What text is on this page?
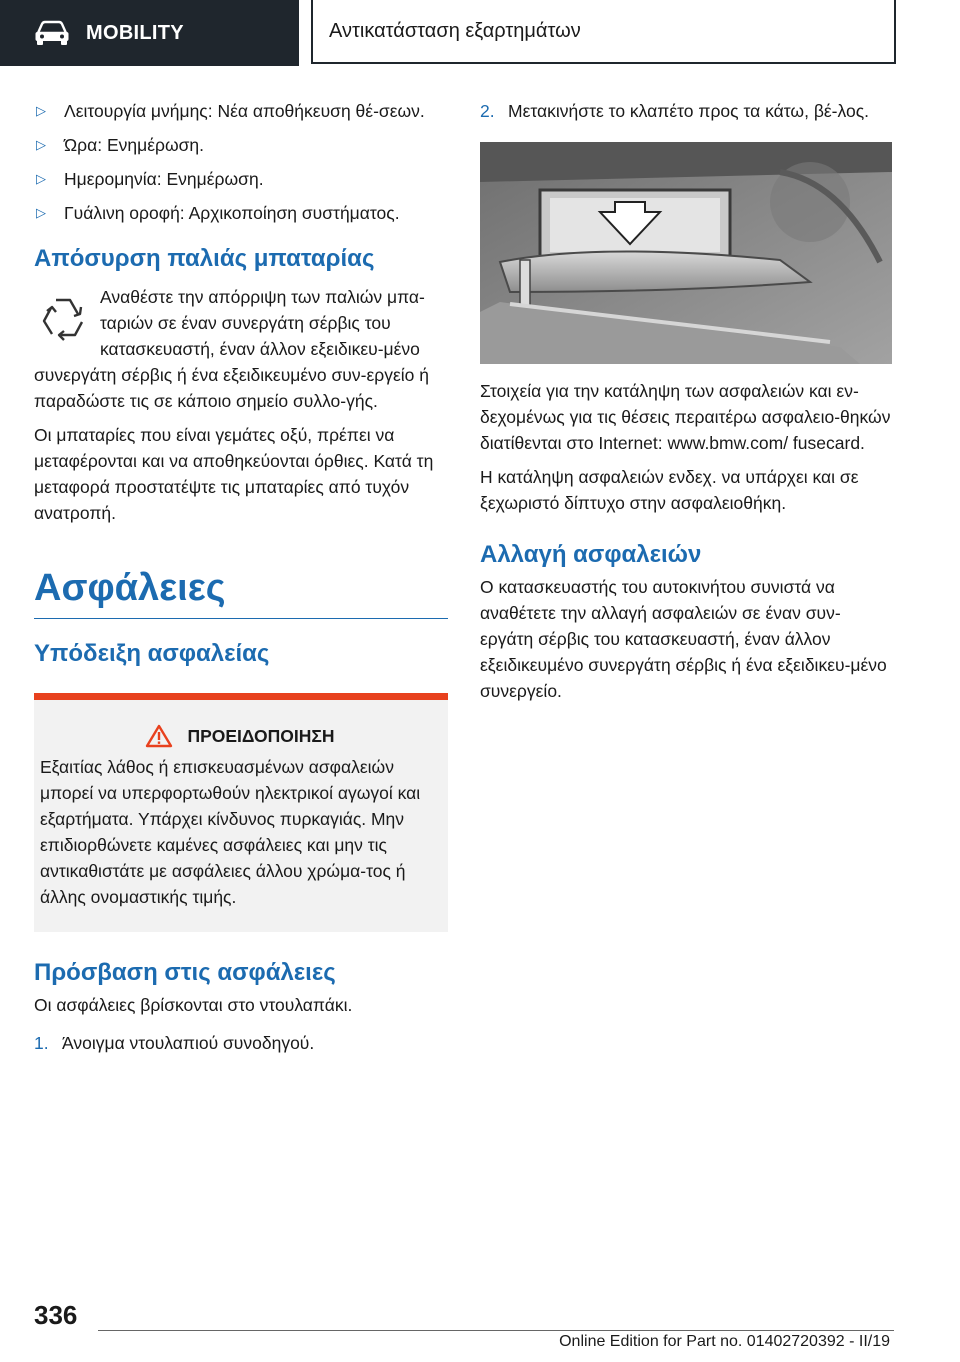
MOBILITY	Αντικατάσταση εξαρτημάτων
▷ Λειτουργία μνήμης: Νέα αποθήκευση θέ-σεων.
▷ Ώρα: Ενημέρωση.
▷ Ημερομηνία: Ενημέρωση.
▷ Γυάλινη οροφή: Αρχικοποίηση συστήματος.
Απόσυρση παλιάς μπαταρίας

Αναθέστε την απόρριψη των παλιών μπα-ταριών σε έναν συνεργάτη σέρβις του κατασκευαστή, έναν άλλον εξειδικευ-μένο συνεργάτη σέρβις ή ένα εξειδικευμένο συν-εργείο ή παραδώστε τις σε κάποιο σημείο συλλο-γής.

Οι μπαταρίες που είναι γεμάτες οξύ, πρέπει να μεταφέρονται και να αποθηκεύονται όρθιες. Κατά τη μεταφορά προστατέψτε τις μπαταρίες από τυχόν ανατροπή.

Ασφάλειες
Υπόδειξη ασφαλείας
ΠΡΟΕΙΔΟΠΟΙΗΣΗ

Εξαιτίας λάθος ή επισκευασμένων ασφαλειών μπορεί να υπερφορτωθούν ηλεκτρικοί αγωγοί και εξαρτήματα. Υπάρχει κίνδυνος πυρκαγιάς. Μην επιδιορθώνετε καμένες ασφάλειες και μην τις αντικαθιστάτε με ασφάλειες άλλου χρώμα-τος ή άλλης ονομαστικής τιμής.

Πρόσβαση στις ασφάλειες

Οι ασφάλειες βρίσκονται στο ντουλαπάκι.

1. Άνοιγμα ντουλαπιού συνοδηγού.
2. Μετακινήστε το κλαπέτο προς τα κάτω, βέ-λος.

Στοιχεία για την κατάληψη των ασφαλειών και εν-δεχομένως για τις θέσεις περαιτέρω ασφαλειο-θηκών διατίθενται στο Internet: www.bmw.com/ fusecard.

Η κατάληψη ασφαλειών ενδεχ. να υπάρχει και σε ξεχωριστό δίπτυχο στην ασφαλειοθήκη.

Αλλαγή ασφαλειών

Ο κατασκευαστής του αυτοκινήτου συνιστά να αναθέτετε την αλλαγή ασφαλειών σε έναν συν-εργάτη σέρβις του κατασκευαστή, έναν άλλον εξειδικευμένο συνεργάτη σέρβις ή ένα εξειδικευ-μένο συνεργείο.

336
Online Edition for Part no. 01402720392 - II/19
